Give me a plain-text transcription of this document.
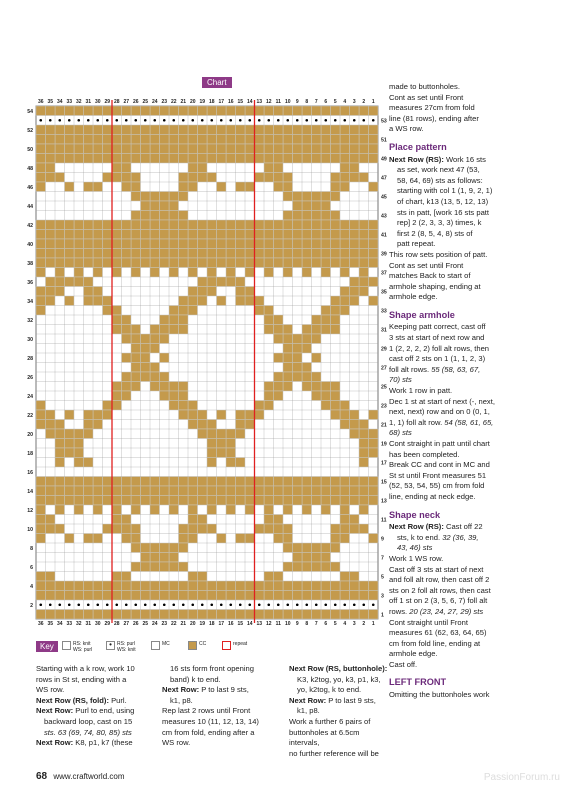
Chart
36
36
35
35
34
34
33
33
32
32
31
31
30
30
29
29
28
28
27
27
26
26
25
25
24
24
23
23
22
22
21
21
20
20
19
19
18
18
17
17
16
16
15
15
14
14
13
13
12
12
11
11
10
10
9
9
8
8
7
7
6
6
5
5
4
4
3
3
2
2
1
1
54
52
50
48
46
44
42
40
38
36
34
32
30
28
26
24
22
20
18
16
14
12
10
8
6
4
2
53
51
49
47
45
43
41
39
37
35
33
31
29
27
25
23
21
19
17
15
13
11
9
7
5
3
1
Key	RS: knit
WS: purl
• RS: purl
WS: knit
MC	CC	repeat

made to buttonholes.

Cont as set until Front

measures 27cm from fold

line (81 rows), ending after

a WS row.

Place pattern

Next Row (RS): Work 16 sts

as set, work next 47 (53,

58, 64, 69) sts as follows:

starting with col 1 (1, 9, 2, 1)

of chart, k13 (13, 5, 12, 13)

sts in patt, [work 16 sts patt

rep] 2 (2, 3, 3, 3) times, k

first 2 (8, 5, 4, 8) sts of

patt repeat.

This row sets position of patt.

Cont as set until Front

matches Back to start of

armhole shaping, ending at

armhole edge.

Shape armhole

Keeping patt correct, cast off

3 sts at start of next row and

1 (2, 2, 2, 2) foll alt rows, then

cast off 2 sts on 1 (1, 1, 2, 3)

foll alt rows. 55 (58, 63, 67,

70) sts

Work 1 row in patt.

Dec 1 st at start of next (-, next,

next, next) row and on 0 (0, 1,

1, 1) foll alt row. 54 (58, 61, 65,

68) sts

Cont straight in patt until chart

has been completed.

Break CC and cont in MC and

St st until Front measures 51

(52, 53, 54, 55) cm from fold

line, ending at neck edge.

Shape neck

Next Row (RS): Cast off 22

sts, k to end. 32 (36, 39,

43, 46) sts

Work 1 WS row.

Cast off 3 sts at start of next

and foll alt row, then cast off 2

sts on 2 foll alt rows, then cast

off 1 st on 2 (3, 5, 6, 7) foll alt

rows. 20 (23, 24, 27, 29) sts

Cont straight until Front

measures 61 (62, 63, 64, 65)

cm from fold line, ending at

armhole edge.

Cast off.

LEFT FRONT

Omitting the buttonholes work

Starting with a k row, work 10

rows in St st, ending with a

WS row.

Next Row (RS, fold): Purl.

Next Row: Purl to end, using

backward loop, cast on 15

sts. 63 (69, 74, 80, 85) sts

Next Row: K8, p1, k7 (these

16 sts form front opening

band) k to end.

Next Row: P to last 9 sts,

k1, p8.

Rep last 2 rows until Front

measures 10 (11, 12, 13, 14)

cm from fold, ending after a

WS row.

Next Row (RS, buttonhole):

K3, k2tog, yo, k3, p1, k3,

yo, k2tog, k to end.

Next Row: P to last 9 sts,

k1, p8.

Work a further 6 pairs of

buttonholes at 6.5cm intervals,

no further reference will be

68 www.craftworld.com	PassionForum.ru
